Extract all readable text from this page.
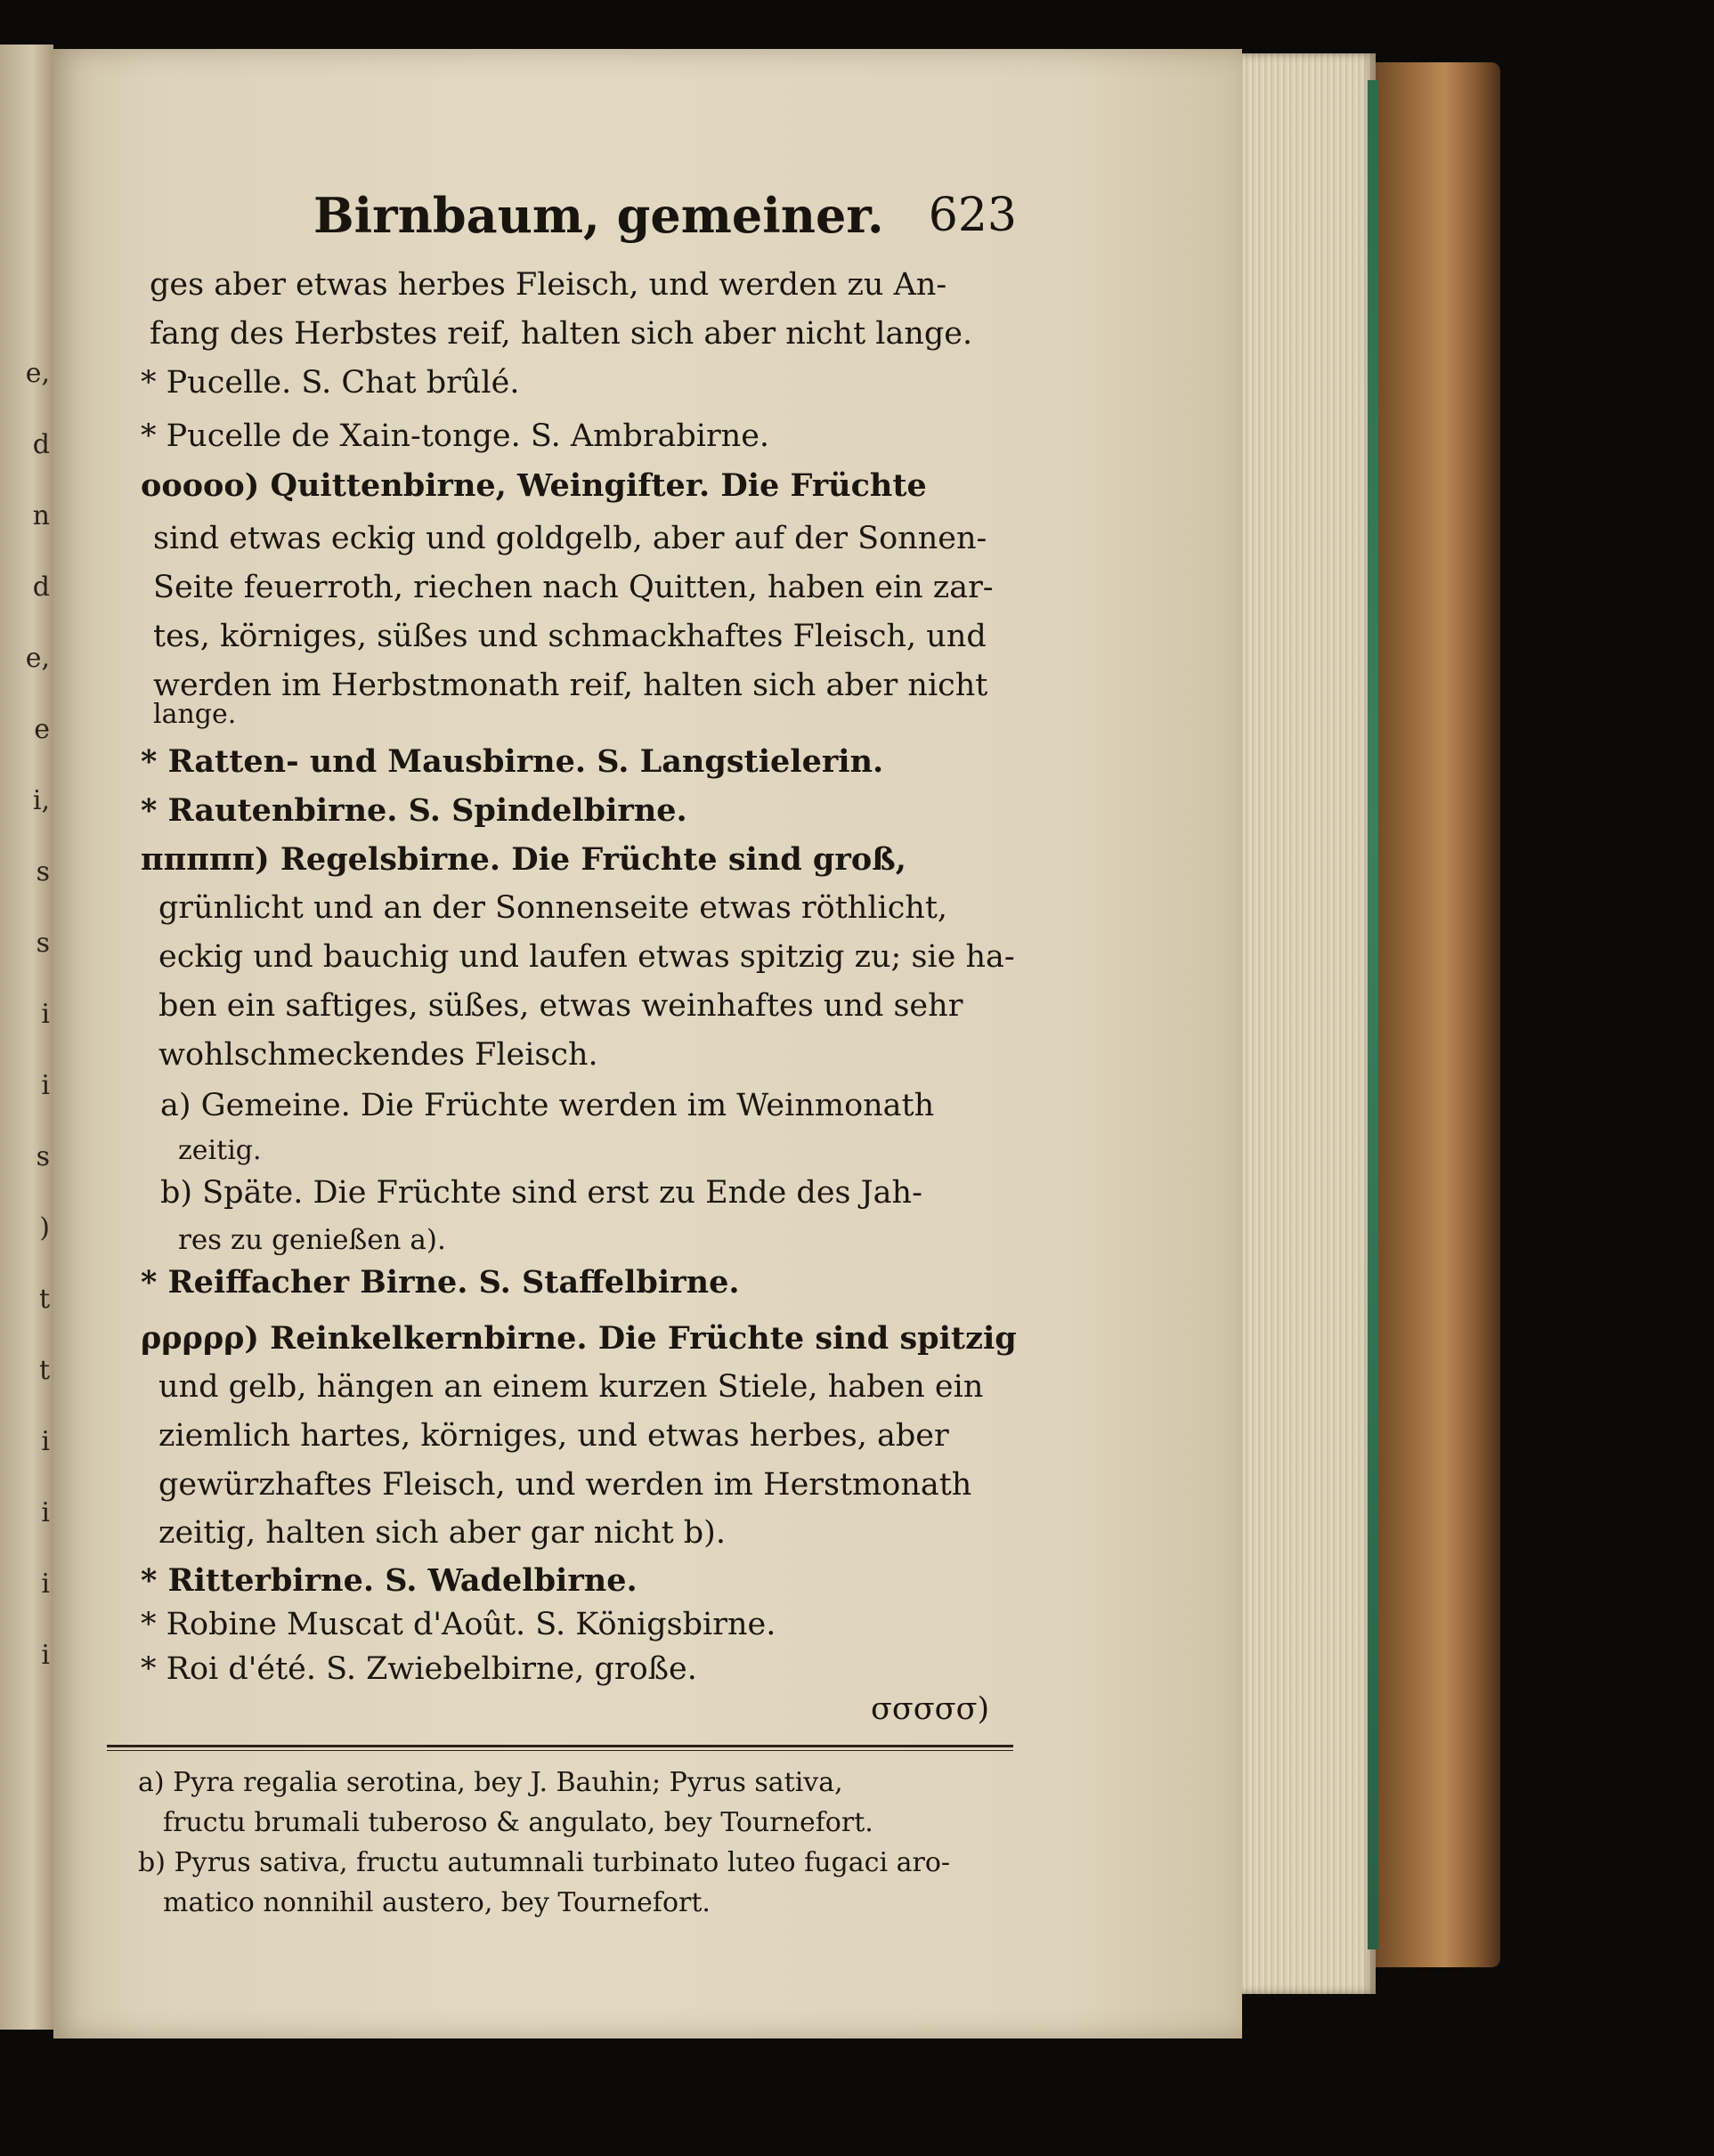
e,
d
n
d
e,
e
i,
s
s
i
i
s
)
t
t
i
i
i
i
Birnbaum, gemeiner. 623
ges aber etwas herbes Fleisch, und werden zu An-
fang des Herbstes reif, halten sich aber nicht lange.
* Pucelle. S. Chat brûlé.
* Pucelle de Xain-tonge. S. Ambrabirne.
ooooo) Quittenbirne, Weingifter. Die Früchte
sind etwas eckig und goldgelb, aber auf der Sonnen-
Seite feuerroth, riechen nach Quitten, haben ein zar-
tes, körniges, süßes und schmackhaftes Fleisch, und
werden im Herbstmonath reif, halten sich aber nicht
lange.
* Ratten- und Mausbirne. S. Langstielerin.
* Rautenbirne. S. Spindelbirne.
πππππ) Regelsbirne. Die Früchte sind groß,
grünlicht und an der Sonnenseite etwas röthlicht,
eckig und bauchig und laufen etwas spitzig zu; sie ha-
ben ein saftiges, süßes, etwas weinhaftes und sehr
wohlschmeckendes Fleisch.
a) Gemeine. Die Früchte werden im Weinmonath
zeitig.
b) Späte. Die Früchte sind erst zu Ende des Jah-
res zu genießen a).
* Reiffacher Birne. S. Staffelbirne.
ρρρρρ) Reinkelkernbirne. Die Früchte sind spitzig
und gelb, hängen an einem kurzen Stiele, haben ein
ziemlich hartes, körniges, und etwas herbes, aber
gewürzhaftes Fleisch, und werden im Herstmonath
zeitig, halten sich aber gar nicht b).
* Ritterbirne. S. Wadelbirne.
* Robine Muscat d'Août. S. Königsbirne.
* Roi d'été. S. Zwiebelbirne, große.
σσσσσ)
a) Pyra regalia serotina, bey J. Bauhin; Pyrus sativa,
fructu brumali tuberoso & angulato, bey Tournefort.
b) Pyrus sativa, fructu autumnali turbinato luteo fugaci aro-
matico nonnihil austero, bey Tournefort.
